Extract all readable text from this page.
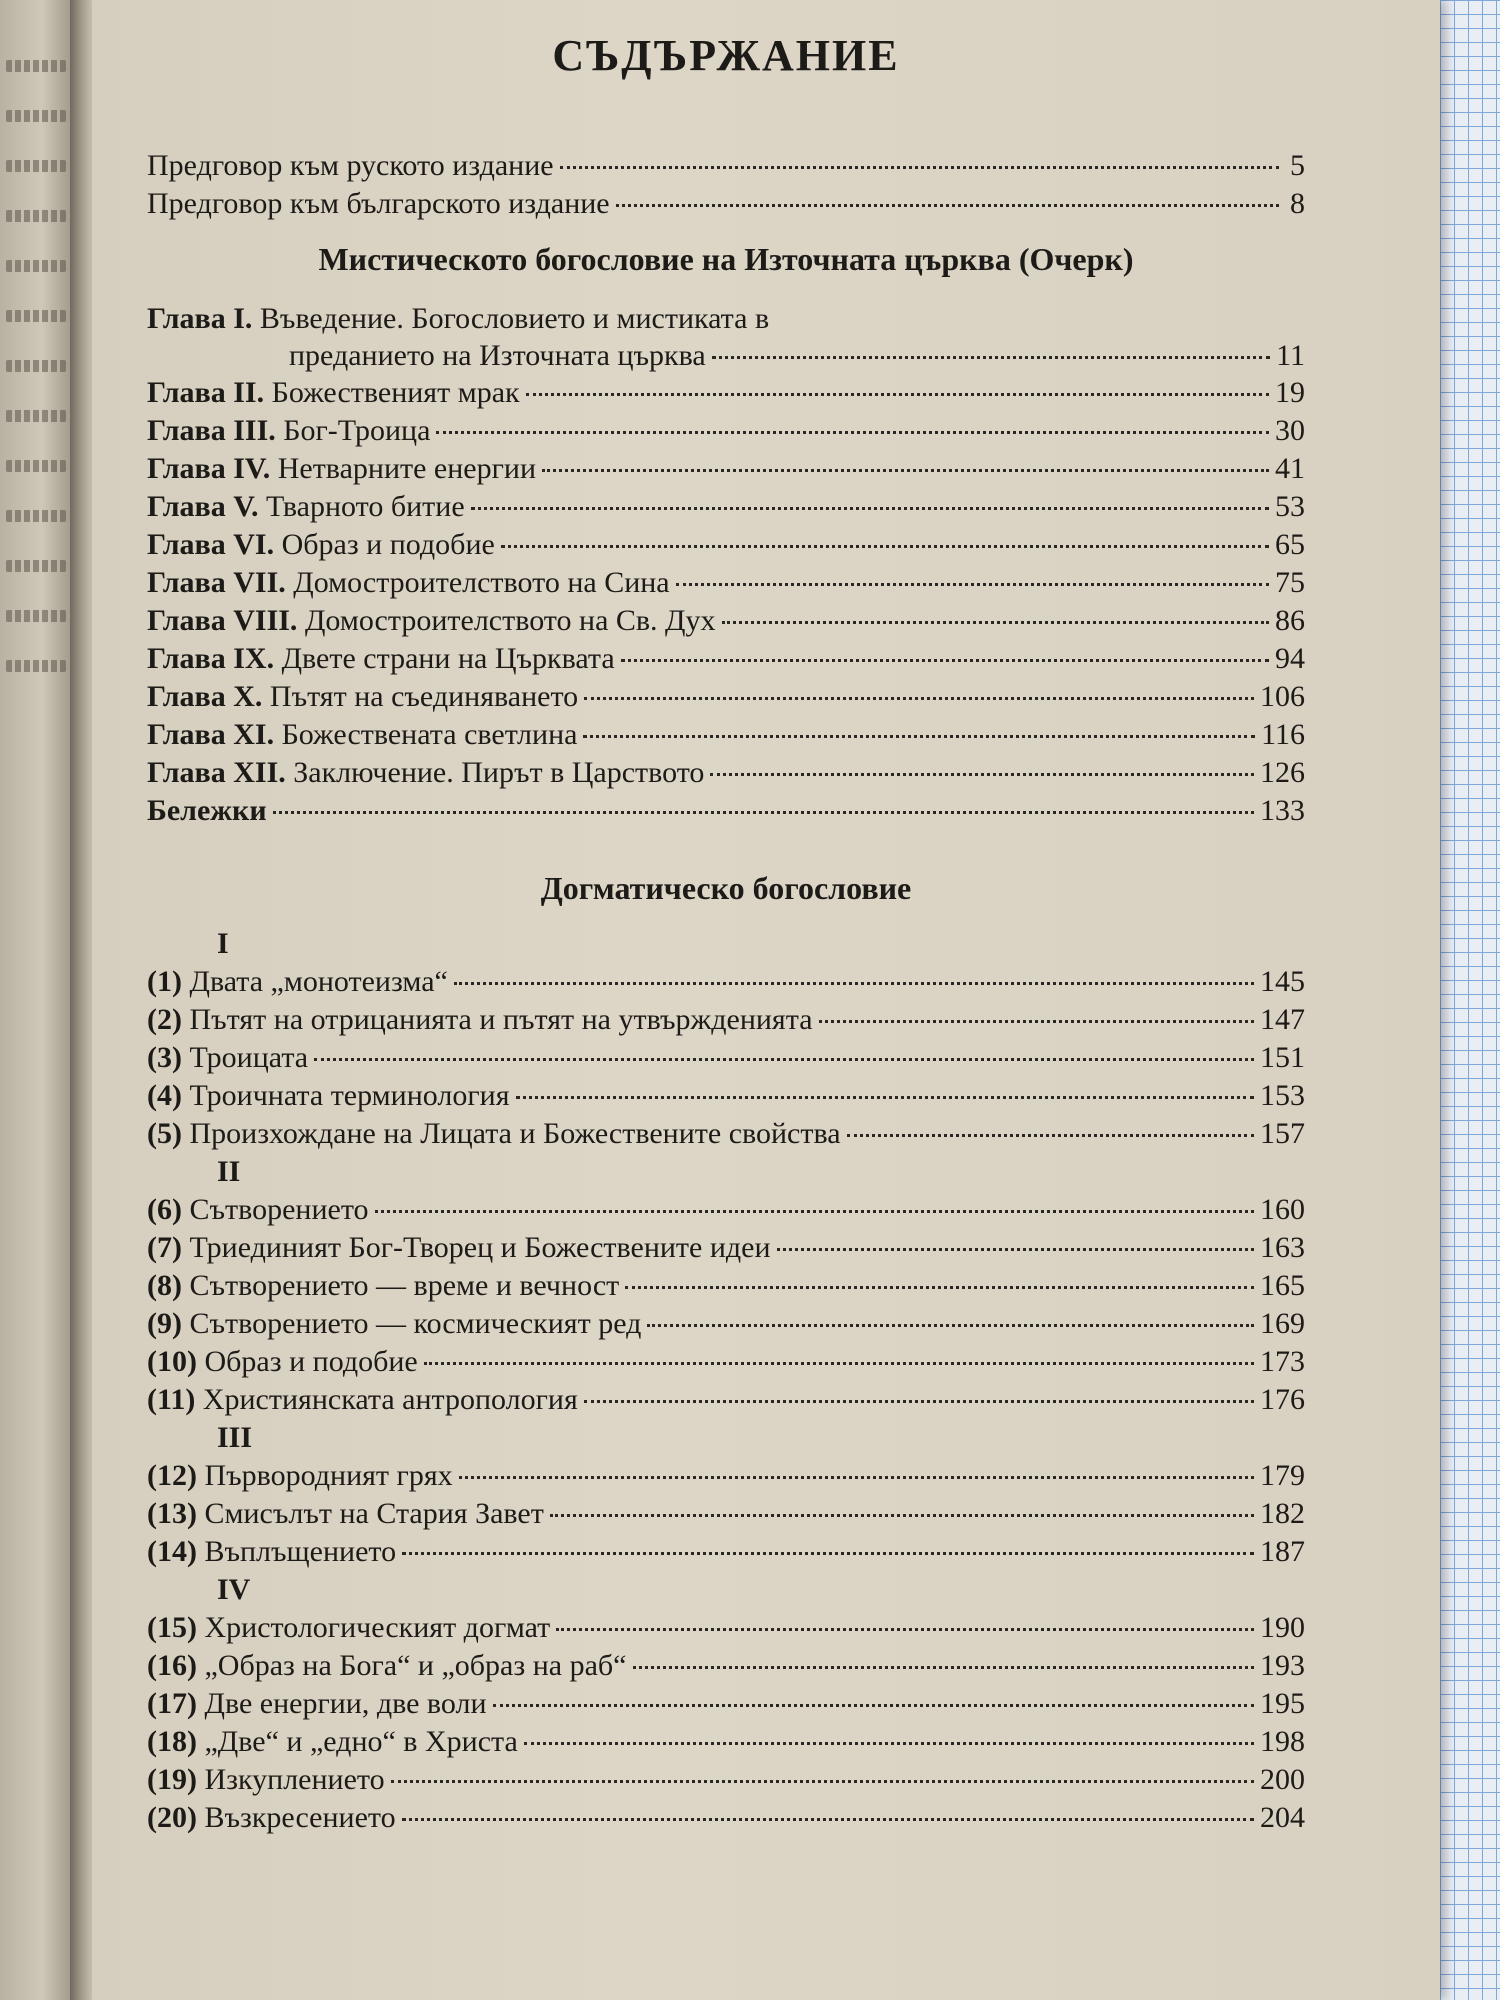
СЪДЪРЖАНИЕ
Предговор към руското издание	5
Предговор към българското издание	8
Мистическото богословие на Източната църква (Очерк)
Глава I. Въведение. Богословието и мистиката в
преданието на Източната църква	11
Глава II. Божественият мрак	19
Глава III. Бог-Троица	30
Глава IV. Нетварните енергии	41
Глава V. Тварното битие	53
Глава VI. Образ и подобие	65
Глава VII. Домостроителството на Сина	75
Глава VIII. Домостроителството на Св. Дух	86
Глава IX. Двете страни на Църквата	94
Глава X. Пътят на съединяването	106
Глава XI. Божествената светлина	116
Глава XII. Заключение. Пирът в Царството	126
Бележки	133
Догматическо богословие
I
(1) Двата „монотеизма“	145
(2) Пътят на отрицанията и пътят на утвържденията	147
(3) Троицата	151
(4) Троичната терминология	153
(5) Произхождане на Лицата и Божествените свойства	157
II
(6) Сътворението	160
(7) Триединият Бог-Творец и Божествените идеи	163
(8) Сътворението — време и вечност	165
(9) Сътворението — космическият ред	169
(10) Образ и подобие	173
(11) Християнската антропология	176
III
(12) Първородният грях	179
(13) Смисълът на Стария Завет	182
(14) Въплъщението	187
IV
(15) Христологическият догмат	190
(16) „Образ на Бога“ и „образ на раб“	193
(17) Две енергии, две воли	195
(18) „Две“ и „едно“ в Христа	198
(19) Изкуплението	200
(20) Възкресението	204
